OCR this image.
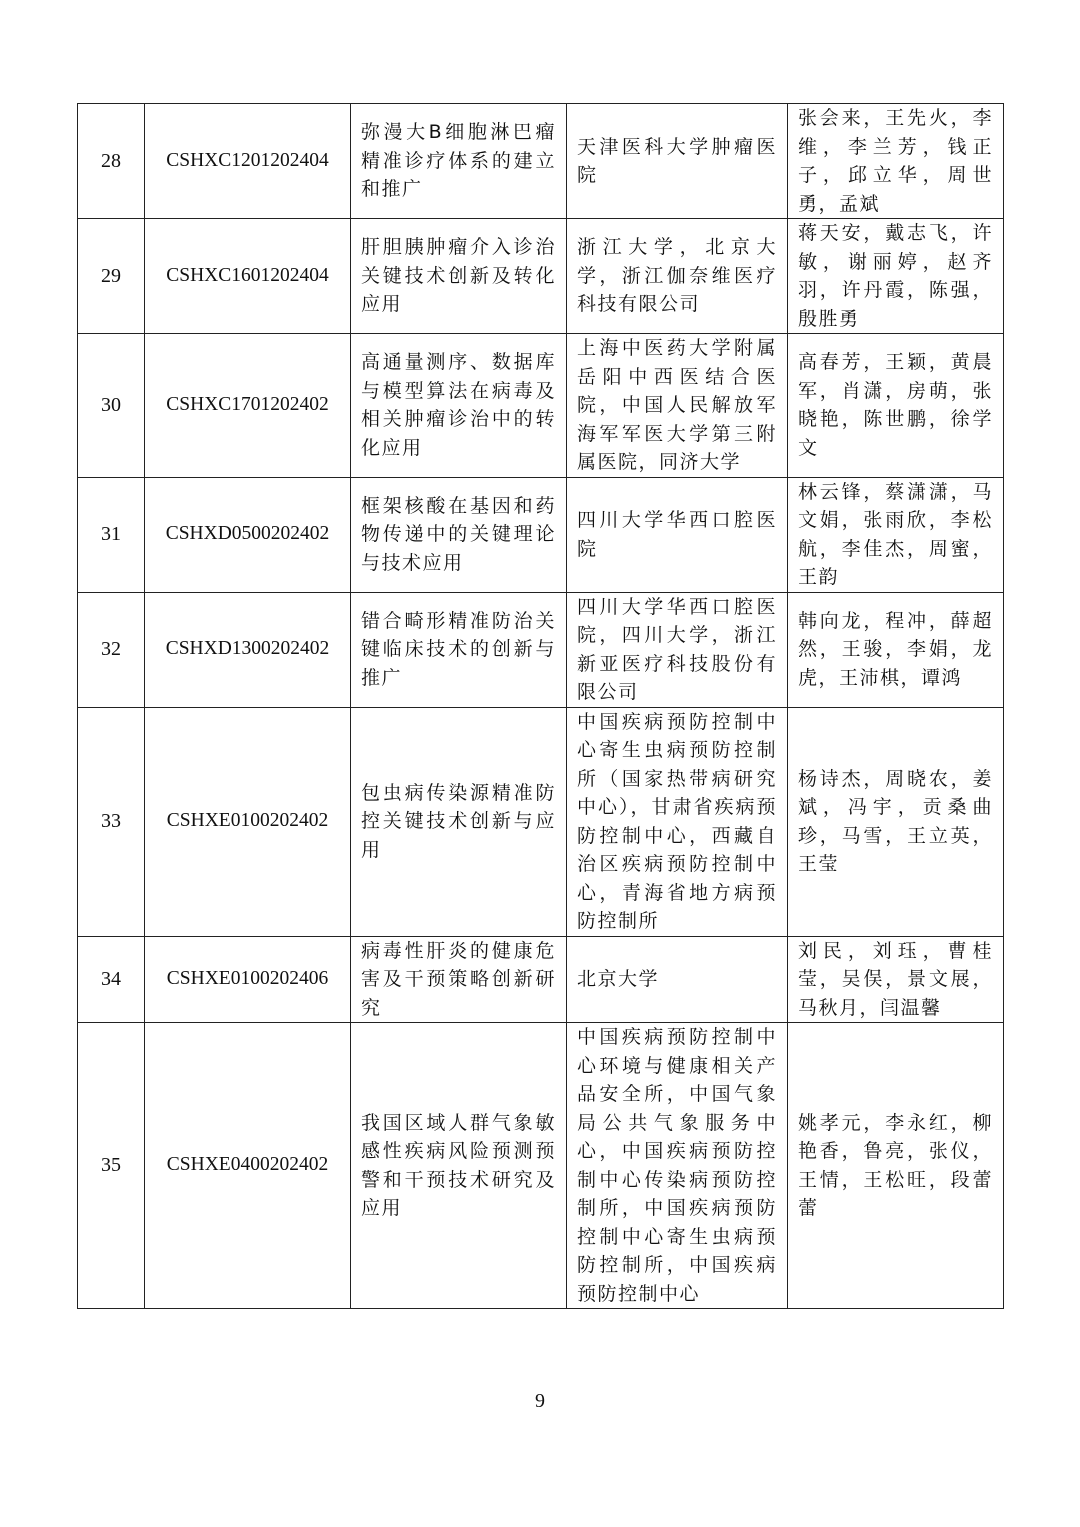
28	CSHXC1201202404	弥漫大B细胞淋巴瘤精准诊疗体系的建立和推广	天津医科大学肿瘤医院	张会来，王先火，李维，李兰芳，钱正子，邱立华，周世勇，孟斌
29	CSHXC1601202404	肝胆胰肿瘤介入诊治关键技术创新及转化应用	浙江大学，北京大学，浙江伽奈维医疗科技有限公司	蒋天安，戴志飞，许敏，谢丽婷，赵齐羽，许丹霞，陈强，殷胜勇
30	CSHXC1701202402	高通量测序、数据库与模型算法在病毒及相关肿瘤诊治中的转化应用	上海中医药大学附属岳阳中西医结合医院，中国人民解放军海军军医大学第三附属医院，同济大学	高春芳，王颖，黄晨军，肖潇，房萌，张晓艳，陈世鹏，徐学文
31	CSHXD0500202402	框架核酸在基因和药物传递中的关键理论与技术应用	四川大学华西口腔医院	林云锋，蔡潇潇，马文娟，张雨欣，李松航，李佳杰，周蜜，王韵
32	CSHXD1300202402	错合畸形精准防治关键临床技术的创新与推广	四川大学华西口腔医院，四川大学，浙江新亚医疗科技股份有限公司	韩向龙，程冲，薛超然，王骏，李娟，龙虎，王沛棋，谭鸿
33	CSHXE0100202402	包虫病传染源精准防控关键技术创新与应用	中国疾病预防控制中心寄生虫病预防控制所（国家热带病研究中心），甘肃省疾病预防控制中心，西藏自治区疾病预防控制中心，青海省地方病预防控制所	杨诗杰，周晓农，姜斌，冯宇，贡桑曲珍，马雪，王立英，王莹
34	CSHXE0100202406	病毒性肝炎的健康危害及干预策略创新研究	北京大学	刘民，刘珏，曹桂莹，吴俣，景文展，马秋月，闫温馨
35	CSHXE0400202402	我国区域人群气象敏感性疾病风险预测预警和干预技术研究及应用	中国疾病预防控制中心环境与健康相关产品安全所，中国气象局公共气象服务中心，中国疾病预防控制中心传染病预防控制所，中国疾病预防控制中心寄生虫病预防控制所，中国疾病预防控制中心	姚孝元，李永红，柳艳香，鲁亮，张仪，王情，王松旺，段蕾蕾
9
